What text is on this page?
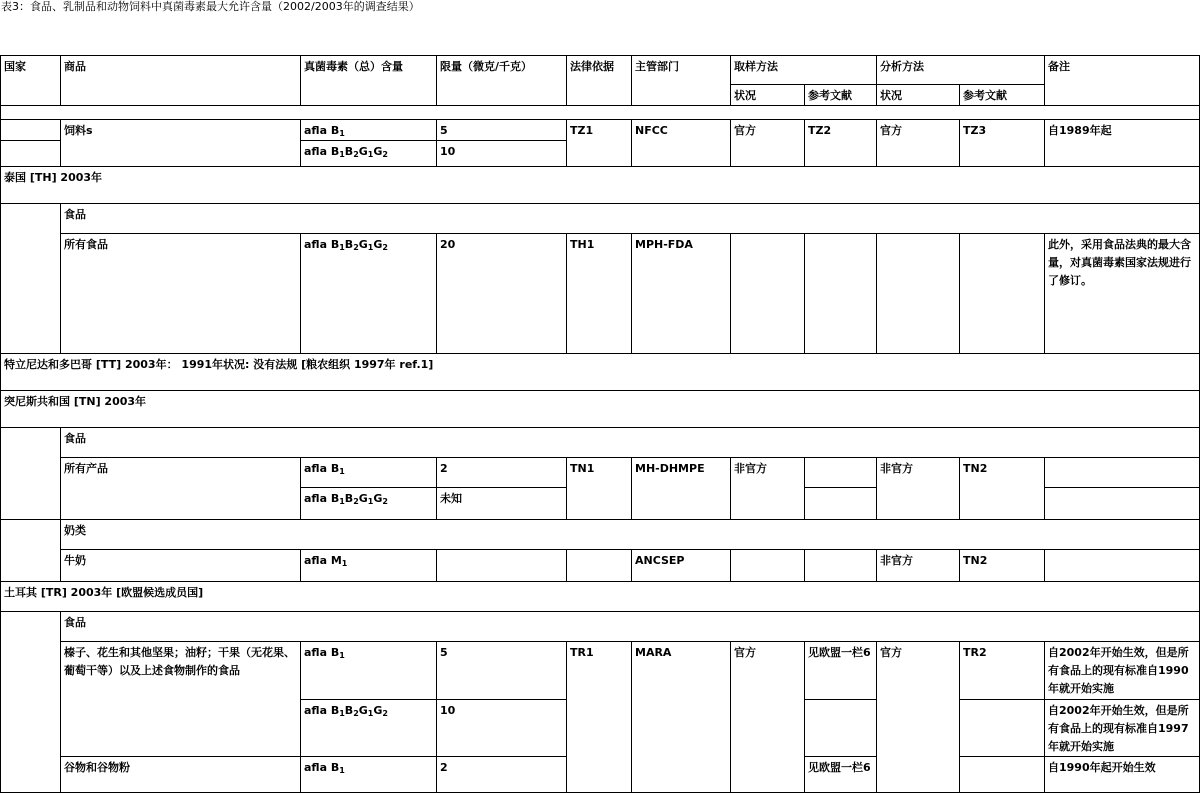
表3：食品、乳制品和动物饲料中真菌毒素最大允许含量（2002/2003年的调查结果）
国家	商品	真菌毒素（总）含量	限量（微克/千克）	法律依据	主管部门	取样方法		分析方法		备注
						状况	参考文献	状况	参考文献	

	饲料s	afla $B_1$	5	TZ1	NFCC	官方	TZ2	官方	TZ3	自1989年起
		afla $B_1B_2G_1G_2$	10							
泰国 [TH] 2003年										
	食品									
	所有食品	afla $B_1B_2G_1G_2$	20	TH1	MPH-FDA					此外，采用食品法典的最大含量，对真菌毒素国家法规进行了修订。
特立尼达和多巴哥 [TT] 2003年： 1991年状况: 没有法规 [粮农组织 1997年 ref.1]										
突尼斯共和国 [TN] 2003年										
	食品									
	所有产品	afla $B_1$	2	TN1	MH-DHMPE	非官方		非官方	TN2	
		afla $B_1B_2G_1G_2$	未知							
	奶类									
	牛奶	afla $M_1$			ANCSEP			非官方	TN2	
土耳其 [TR] 2003年 [欧盟候选成员国]										
	食品									
	榛子、花生和其他坚果；油籽；干果（无花果、葡萄干等）以及上述食物制作的食品	afla $B_1$	5	TR1	MARA	官方	见欧盟一栏6	官方	TR2	自2002年开始生效，但是所有食品上的现有标准自1990年就开始实施
		afla $B_1B_2G_1G_2$	10							自2002年开始生效，但是所有食品上的现有标准自1997年就开始实施
	谷物和谷物粉	afla $B_1$	2				见欧盟一栏6			自1990年起开始生效
